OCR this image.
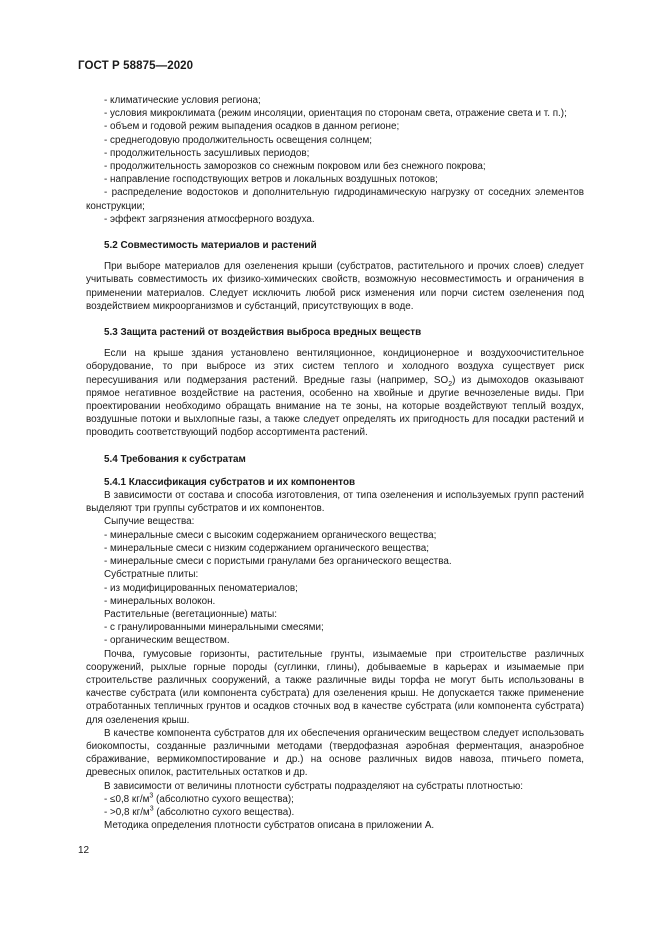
ГОСТ Р 58875—2020

- климатические условия региона;

- условия микроклимата (режим инсоляции, ориентация по сторонам света, отражение света и т. п.);

- объем и годовой режим выпадения осадков в данном регионе;

- среднегодовую продолжительность освещения солнцем;

- продолжительность засушливых периодов;

- продолжительность заморозков со снежным покровом или без снежного покрова;

- направление господствующих ветров и локальных воздушных потоков;

- распределение водостоков и дополнительную гидродинамическую нагрузку от соседних элементов конструкции;

- эффект загрязнения атмосферного воздуха.

5.2 Совместимость материалов и растений

При выборе материалов для озеленения крыши (субстратов, растительного и прочих слоев) следует учитывать совместимость их физико-химических свойств, возможную несовместимость и ограничения в применении материалов. Следует исключить любой риск изменения или порчи систем озеленения под воздействием микроорганизмов и субстанций, присутствующих в воде.

5.3 Защита растений от воздействия выброса вредных веществ

Если на крыше здания установлено вентиляционное, кондиционерное и воздухоочистительное оборудование, то при выбросе из этих систем теплого и холодного воздуха существует риск пересушивания или подмерзания растений. Вредные газы (например, $SO_2$) из дымоходов оказывают прямое негативное воздействие на растения, особенно на хвойные и другие вечнозеленые виды. При проектировании необходимо обращать внимание на те зоны, на которые воздействуют теплый воздух, воздушные потоки и выхлопные газы, а также следует определять их пригодность для посадки растений и проводить соответствующий подбор ассортимента растений.

5.4 Требования к субстратам

5.4.1 Классификация субстратов и их компонентов

В зависимости от состава и способа изготовления, от типа озеленения и используемых групп растений выделяют три группы субстратов и их компонентов.

Сыпучие вещества:

- минеральные смеси с высоким содержанием органического вещества;

- минеральные смеси с низким содержанием органического вещества;

- минеральные смеси с пористыми гранулами без органического вещества.

Субстратные плиты:

- из модифицированных пеноматериалов;

- минеральных волокон.

Растительные (вегетационные) маты:

- с гранулированными минеральными смесями;

- органическим веществом.

Почва, гумусовые горизонты, растительные грунты, изымаемые при строительстве различных сооружений, рыхлые горные породы (суглинки, глины), добываемые в карьерах и изымаемые при строительстве различных сооружений, а также различные виды торфа не могут быть использованы в качестве субстрата (или компонента субстрата) для озеленения крыш. Не допускается также применение отработанных тепличных грунтов и осадков сточных вод в качестве субстрата (или компонента субстрата) для озеленения крыш.

В качестве компонента субстратов для их обеспечения органическим веществом следует использовать биокомпосты, созданные различными методами (твердофазная аэробная ферментация, анаэробное сбраживание, вермикомпостирование и др.) на основе различных видов навоза, птичьего помета, древесных опилок, растительных остатков и др.

В зависимости от величины плотности субстраты подразделяют на субстраты плотностью:

- ≤0,8 $кг/м^3$ (абсолютно сухого вещества);

- >0,8 $кг/м^3$ (абсолютно сухого вещества).

Методика определения плотности субстратов описана в приложении А.

12
